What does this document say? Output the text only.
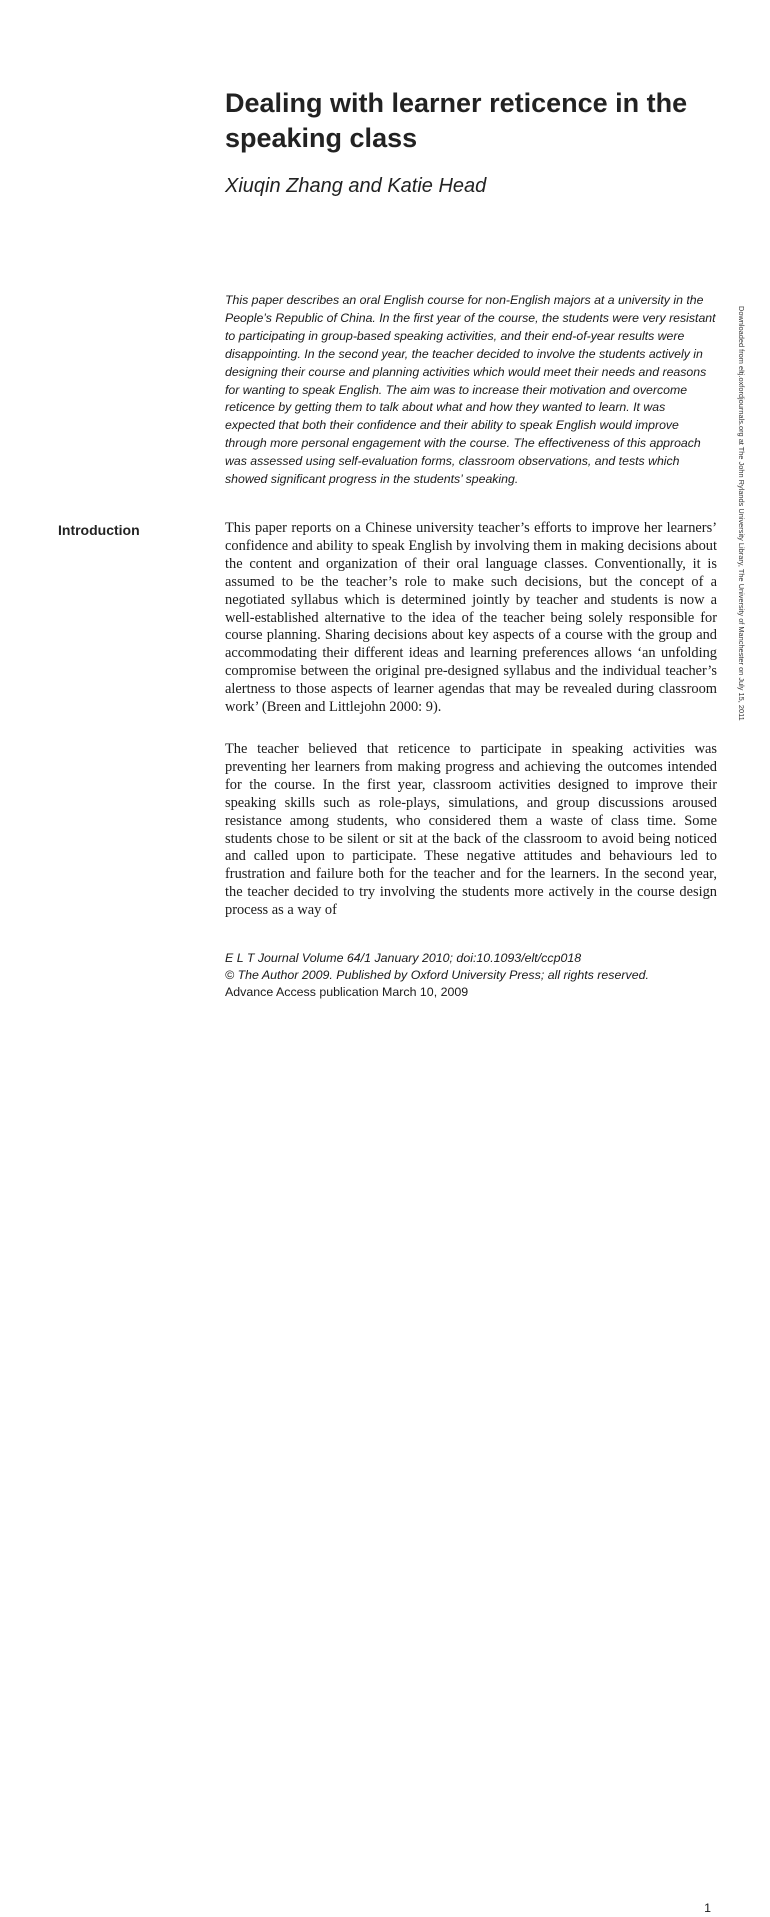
Dealing with learner reticence in the speaking class

Xiuqin Zhang and Katie Head

This paper describes an oral English course for non-English majors at a university in the People’s Republic of China. In the first year of the course, the students were very resistant to participating in group-based speaking activities, and their end-of-year results were disappointing. In the second year, the teacher decided to involve the students actively in designing their course and planning activities which would meet their needs and reasons for wanting to speak English. The aim was to increase their motivation and overcome reticence by getting them to talk about what and how they wanted to learn. It was expected that both their confidence and their ability to speak English would improve through more personal engagement with the course. The effectiveness of this approach was assessed using self-evaluation forms, classroom observations, and tests which showed significant progress in the students’ speaking.

Introduction	This paper reports on a Chinese university teacher’s efforts to improve her learners’ confidence and ability to speak English by involving them in making decisions about the content and organization of their oral language classes. Conventionally, it is assumed to be the teacher’s role to make such decisions, but the concept of a negotiated syllabus which is determined jointly by teacher and students is now a well-established alternative to the idea of the teacher being solely responsible for course planning. Sharing decisions about key aspects of a course with the group and accommodating their different ideas and learning preferences allows ‘an unfolding compromise between the original pre-designed syllabus and the individual teacher’s alertness to those aspects of learner agendas that may be revealed during classroom work’ (Breen and Littlejohn 2000: 9).

The teacher believed that reticence to participate in speaking activities was preventing her learners from making progress and achieving the outcomes intended for the course. In the first year, classroom activities designed to improve their speaking skills such as role-plays, simulations, and group discussions aroused resistance among students, who considered them a waste of class time. Some students chose to be silent or sit at the back of the classroom to avoid being noticed and called upon to participate. These negative attitudes and behaviours led to frustration and failure both for the teacher and for the learners. In the second year, the teacher decided to try involving the students more actively in the course design process as a way of

E L T Journal Volume 64/1 January 2010; doi:10.1093/elt/ccp018
© The Author 2009. Published by Oxford University Press; all rights reserved.
Advance Access publication March 10, 2009
1
Downloaded from eltj.oxfordjournals.org at The John Rylands University Library, The University of Manchester on July 15, 2011
